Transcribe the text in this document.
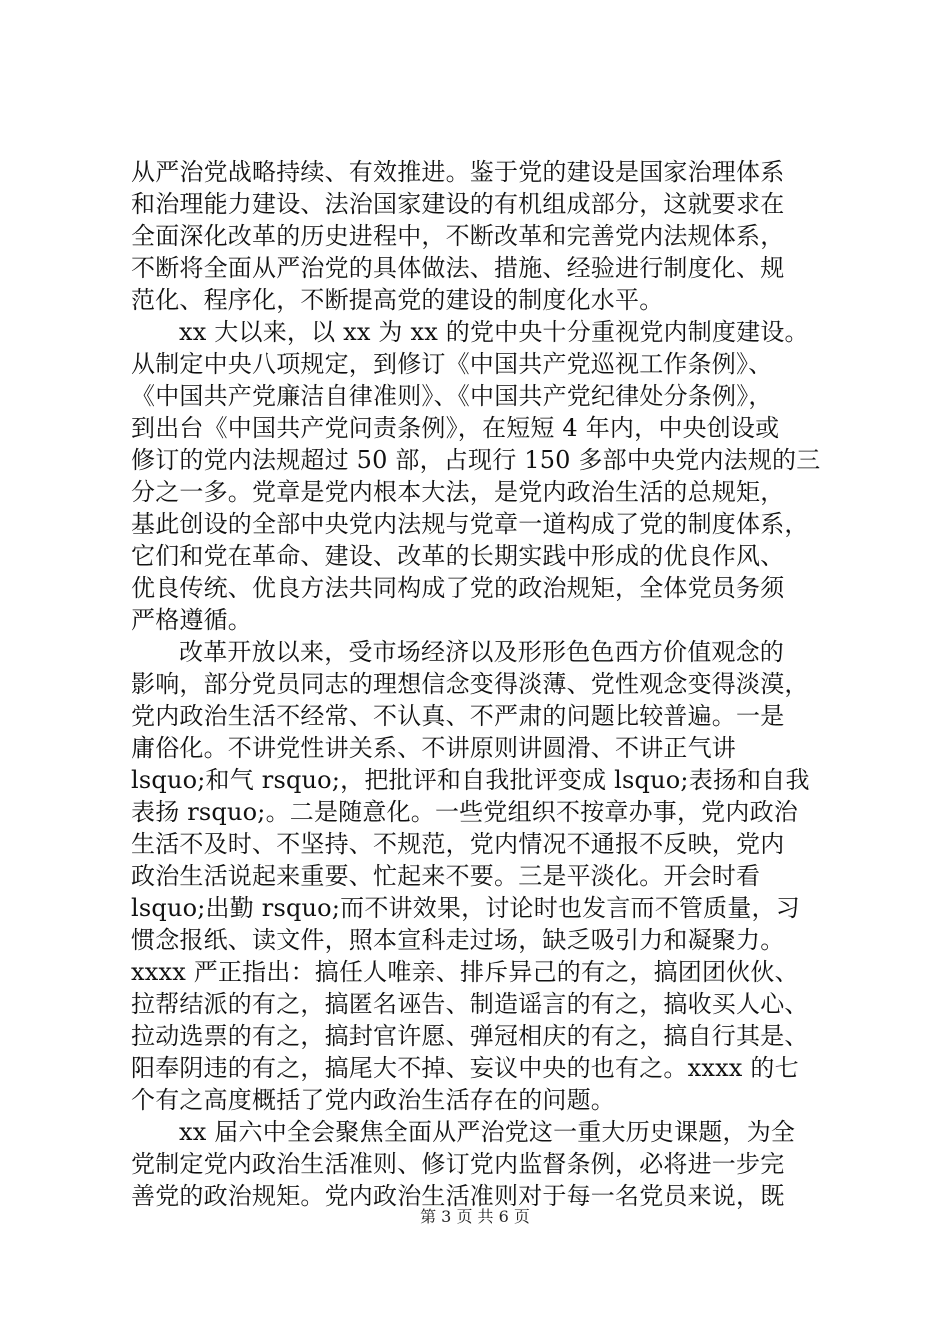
从严治党战略持续、有效推进。鉴于党的建设是国家治理体系
和治理能力建设、法治国家建设的有机组成部分，这就要求在
全面深化改革的历史进程中，不断改革和完善党内法规体系，
不断将全面从严治党的具体做法、措施、经验进行制度化、规
范化、程序化，不断提高党的建设的制度化水平。
xx 大以来，以 xx 为 xx 的党中央十分重视党内制度建设。
从制定中央八项规定，到修订《中国共产党巡视工作条例》、
《中国共产党廉洁自律准则》、《中国共产党纪律处分条例》，
到出台《中国共产党问责条例》，在短短 4 年内，中央创设或
修订的党内法规超过 50 部，占现行 150 多部中央党内法规的三
分之一多。党章是党内根本大法，是党内政治生活的总规矩，
基此创设的全部中央党内法规与党章一道构成了党的制度体系，
它们和党在革命、建设、改革的长期实践中形成的优良作风、
优良传统、优良方法共同构成了党的政治规矩，全体党员务须
严格遵循。
改革开放以来，受市场经济以及形形色色西方价值观念的
影响，部分党员同志的理想信念变得淡薄、党性观念变得淡漠，
党内政治生活不经常、不认真、不严肃的问题比较普遍。一是
庸俗化。不讲党性讲关系、不讲原则讲圆滑、不讲正气讲
lsquo;和气 rsquo;，把批评和自我批评变成 lsquo;表扬和自我
表扬 rsquo;。二是随意化。一些党组织不按章办事，党内政治
生活不及时、不坚持、不规范，党内情况不通报不反映，党内
政治生活说起来重要、忙起来不要。三是平淡化。开会时看
lsquo;出勤 rsquo;而不讲效果，讨论时也发言而不管质量，习
惯念报纸、读文件，照本宣科走过场，缺乏吸引力和凝聚力。
xxxx 严正指出：搞任人唯亲、排斥异己的有之，搞团团伙伙、
拉帮结派的有之，搞匿名诬告、制造谣言的有之，搞收买人心、
拉动选票的有之，搞封官许愿、弹冠相庆的有之，搞自行其是、
阳奉阴违的有之，搞尾大不掉、妄议中央的也有之。xxxx 的七
个有之高度概括了党内政治生活存在的问题。
xx 届六中全会聚焦全面从严治党这一重大历史课题，为全
党制定党内政治生活准则、修订党内监督条例，必将进一步完
善党的政治规矩。党内政治生活准则对于每一名党员来说，既
第 3 页 共 6 页
